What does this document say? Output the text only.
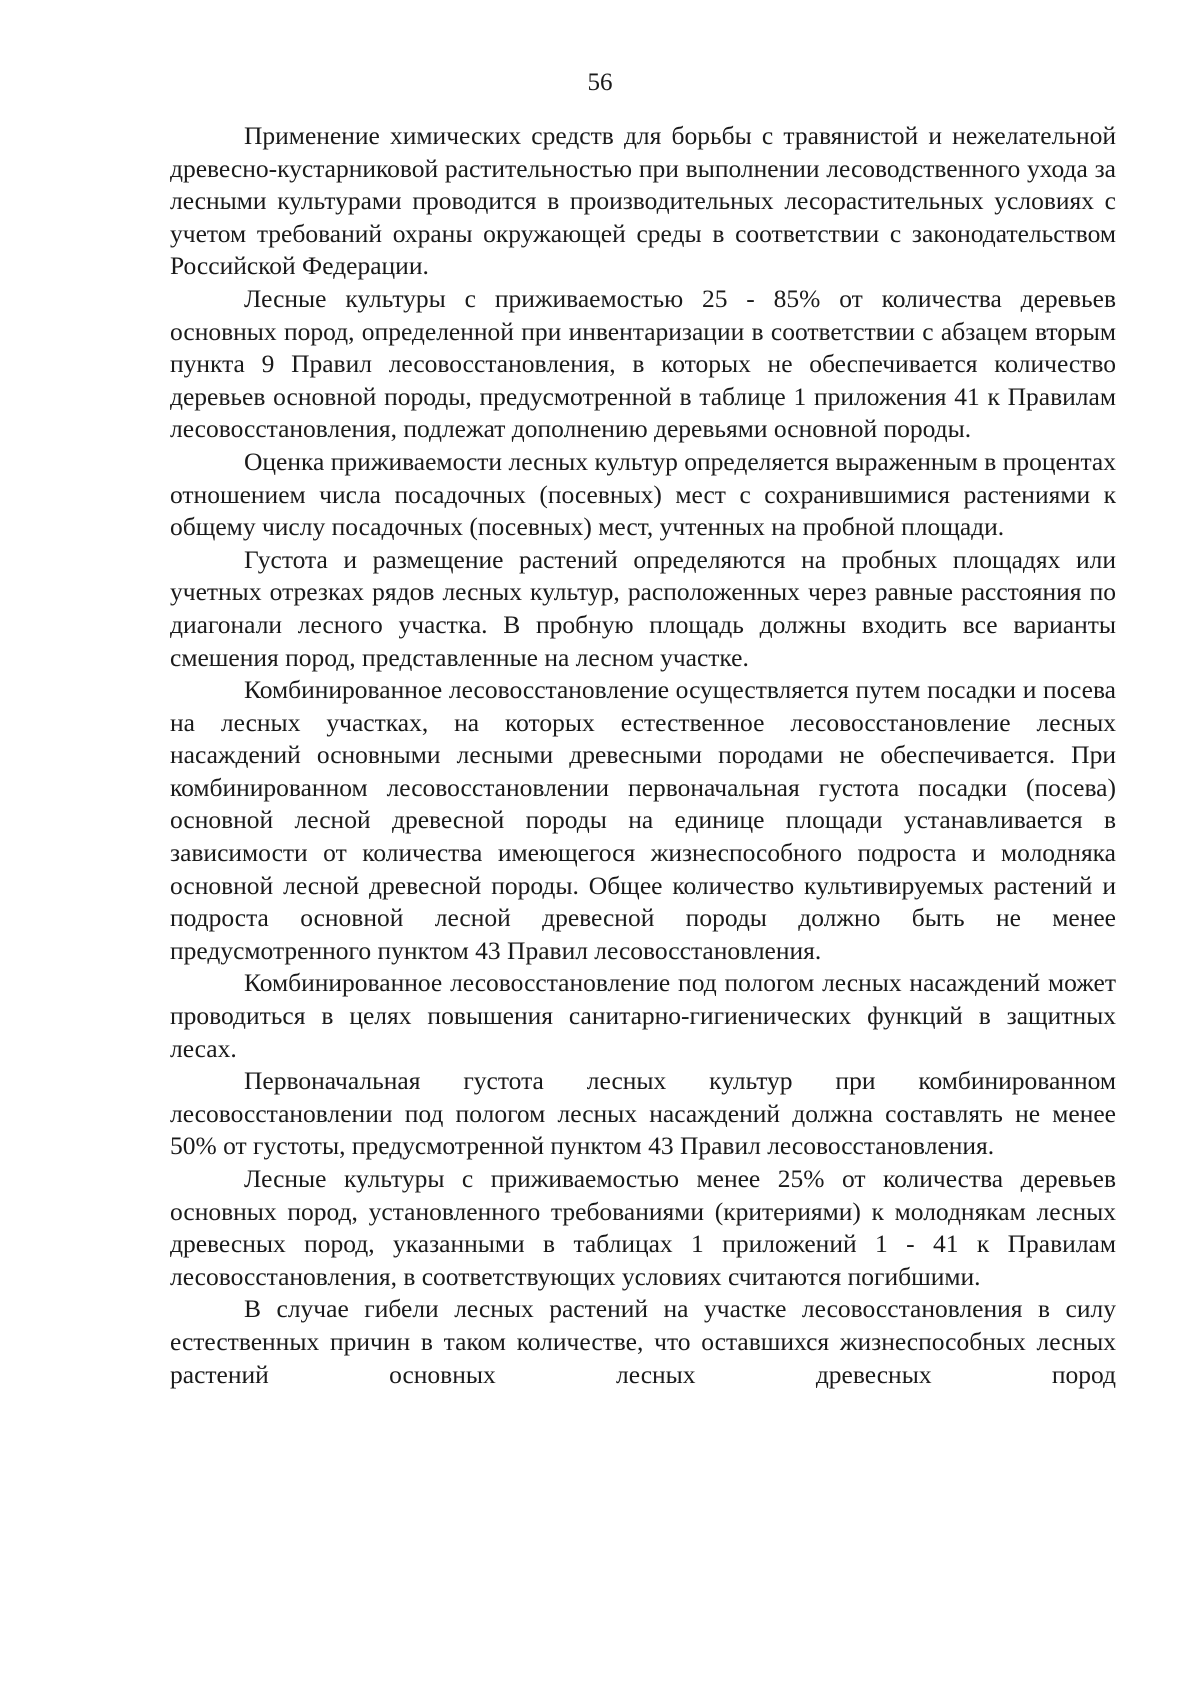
56

Применение химических средств для борьбы с травянистой и нежелательной древесно-кустарниковой растительностью при выполнении лесоводственного ухода за лесными культурами проводится в производительных лесорастительных условиях с учетом требований охраны окружающей среды в соответствии с законодательством Российской Федерации.

Лесные культуры с приживаемостью 25 - 85% от количества деревьев основных пород, определенной при инвентаризации в соответствии с абзацем вторым пункта 9 Правил лесовосстановления, в которых не обеспечивается количество деревьев основной породы, предусмотренной в таблице 1 приложения 41 к Правилам лесовосстановления, подлежат дополнению деревьями основной породы.

Оценка приживаемости лесных культур определяется выраженным в процентах отношением числа посадочных (посевных) мест с сохранившимися растениями к общему числу посадочных (посевных) мест, учтенных на пробной площади.

Густота и размещение растений определяются на пробных площадях или учетных отрезках рядов лесных культур, расположенных через равные расстояния по диагонали лесного участка. В пробную площадь должны входить все варианты смешения пород, представленные на лесном участке.

Комбинированное лесовосстановление осуществляется путем посадки и посева на лесных участках, на которых естественное лесовосстановление лесных насаждений основными лесными древесными породами не обеспечивается. При комбинированном лесовосстановлении первоначальная густота посадки (посева) основной лесной древесной породы на единице площади устанавливается в зависимости от количества имеющегося жизнеспособного подроста и молодняка основной лесной древесной породы. Общее количество культивируемых растений и подроста основной лесной древесной породы должно быть не менее предусмотренного пунктом 43 Правил лесовосстановления.

Комбинированное лесовосстановление под пологом лесных насаждений может проводиться в целях повышения санитарно-гигиенических функций в защитных лесах.

Первоначальная густота лесных культур при комбинированном лесовосстановлении под пологом лесных насаждений должна составлять не менее 50% от густоты, предусмотренной пунктом 43 Правил лесовосстановления.

Лесные культуры с приживаемостью менее 25% от количества деревьев основных пород, установленного требованиями (критериями) к молоднякам лесных древесных пород, указанными в таблицах 1 приложений 1 - 41 к Правилам лесовосстановления, в соответствующих условиях считаются погибшими.

В случае гибели лесных растений на участке лесовосстановления в силу естественных причин в таком количестве, что оставшихся жизнеспособных лесных растений основных лесных древесных пород
